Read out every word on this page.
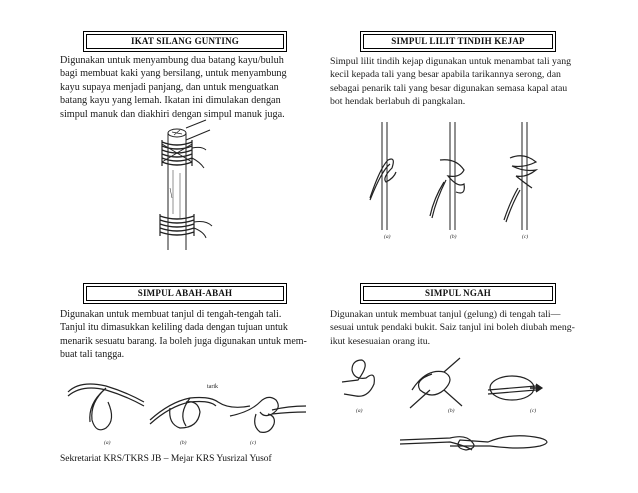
IKAT SILANG GUNTING
Digunakan untuk menyambung dua batang kayu/buluh
bagi membuat kaki yang bersilang, untuk menyambung
kayu supaya menjadi panjang, dan untuk menguatkan
batang kayu yang lemah. Ikatan ini dimulakan dengan
simpul manuk dan diakhiri dengan simpul manuk juga.
SIMPUL LILIT TINDIH KEJAP
Simpul lilit tindih kejap digunakan untuk menambat tali yang
kecil kepada tali yang besar apabila tarikannya serong, dan
sebagai penarik tali yang besar digunakan semasa kapal atau
bot hendak berlabuh di pangkalan.
(a)	(b)	(c)
SIMPUL ABAH-ABAH
Digunakan untuk membuat tanjul di tengah-tengah tali.
Tanjul itu dimasukkan keliling dada dengan tujuan untuk
menarik sesuatu barang. Ia boleh juga digunakan untuk mem-
buat tali tangga.
tarik
(a)	(b)	(c)
SIMPUL NGAH
Digunakan untuk membuat tanjul (gelung) di tengah tali—
sesuai untuk pendaki bukit. Saiz tanjul ini boleh diubah meng-
ikut kesesuaian orang itu.
(a)	(b)	(c)
Sekretariat KRS/TKRS JB – Mejar KRS Yusrizal Yusof
